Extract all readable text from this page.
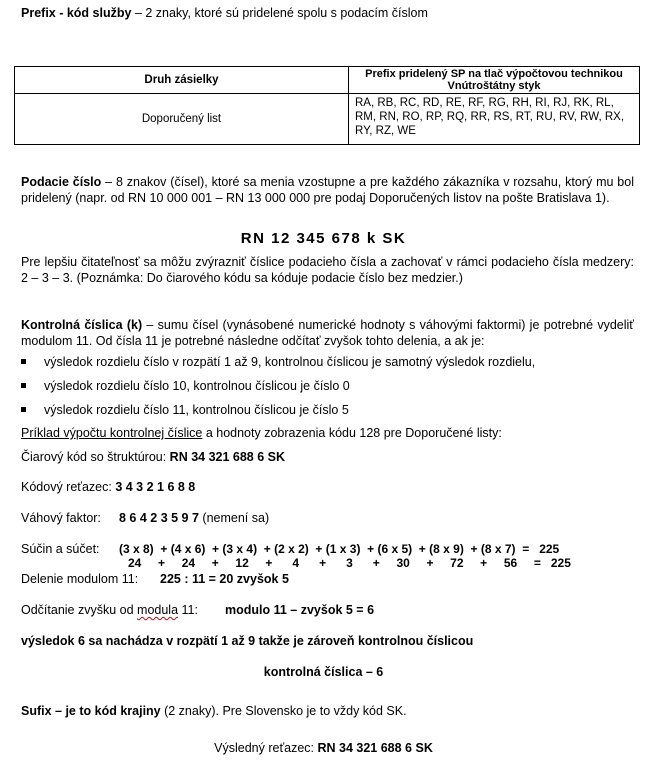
Prefix - kód služby – 2 znaky, ktoré sú pridelené spolu s podacím číslom
Druh zásielky	Prefix pridelený SP na tlač výpočtovou technikou Vnútroštátny styk
Doporučený list	RA, RB, RC, RD, RE, RF, RG, RH, RI, RJ, RK, RL, RM, RN, RO, RP, RQ, RR, RS, RT, RU, RV, RW, RX, RY, RZ, WE
Podacie číslo – 8 znakov (čísel), ktoré sa menia vzostupne a pre každého zákazníka v rozsahu, ktorý mu bol pridelený (napr. od RN 10 000 001 – RN 13 000 000 pre podaj Doporučených listov na pošte Bratislava 1).
RN 12 345 678 k SK
Pre lepšiu čitateľnosť sa môžu zvýrazniť číslice podacieho čísla a zachovať v rámci podacieho čísla medzery: 2 – 3 – 3. (Poznámka: Do čiarového kódu sa kóduje podacie číslo bez medzier.)
Kontrolná číslica (k) – sumu čísel (vynásobené numerické hodnoty s váhovými faktormi) je potrebné vydeliť modulom 11. Od čísla 11 je potrebné následne odčítať zvyšok tohto delenia, a ak je:
výsledok rozdielu číslo v rozpätí 1 až 9, kontrolnou číslicou je samotný výsledok rozdielu,
výsledok rozdielu číslo 10, kontrolnou číslicou je číslo 0
výsledok rozdielu číslo 11, kontrolnou číslicou je číslo 5
Príklad výpočtu kontrolnej číslice a hodnoty zobrazenia kódu 128 pre Doporučené listy:
Čiarový kód so štruktúrou: RN 34 321 688 6 SK
Kódový reťazec: 3 4 3 2 1 6 8 8
Váhový faktor: 8 6 4 2 3 5 9 7 (nemení sa)
Súčin a súčet: (3 x 8)  + (4 x 6)  + (3 x 4)  + (2 x 2)  + (1 x 3)  + (6 x 5)  + (8 x 9)  + (8 x 7)  =   225
24     +     24     +     12     +      4      +      3      +     30     +     72     +     56     =   225
Delenie modulom 11: 225 : 11 = 20 zvyšok 5
Odčítanie zvyšku od modula 11: modulo 11 – zvyšok 5 = 6
výsledok 6 sa nachádza v rozpätí 1 až 9 takže je zároveň kontrolnou číslicou
kontrolná číslica – 6
Sufix – je to kód krajiny (2 znaky). Pre Slovensko je to vždy kód SK.
Výsledný reťazec: RN 34 321 688 6 SK
